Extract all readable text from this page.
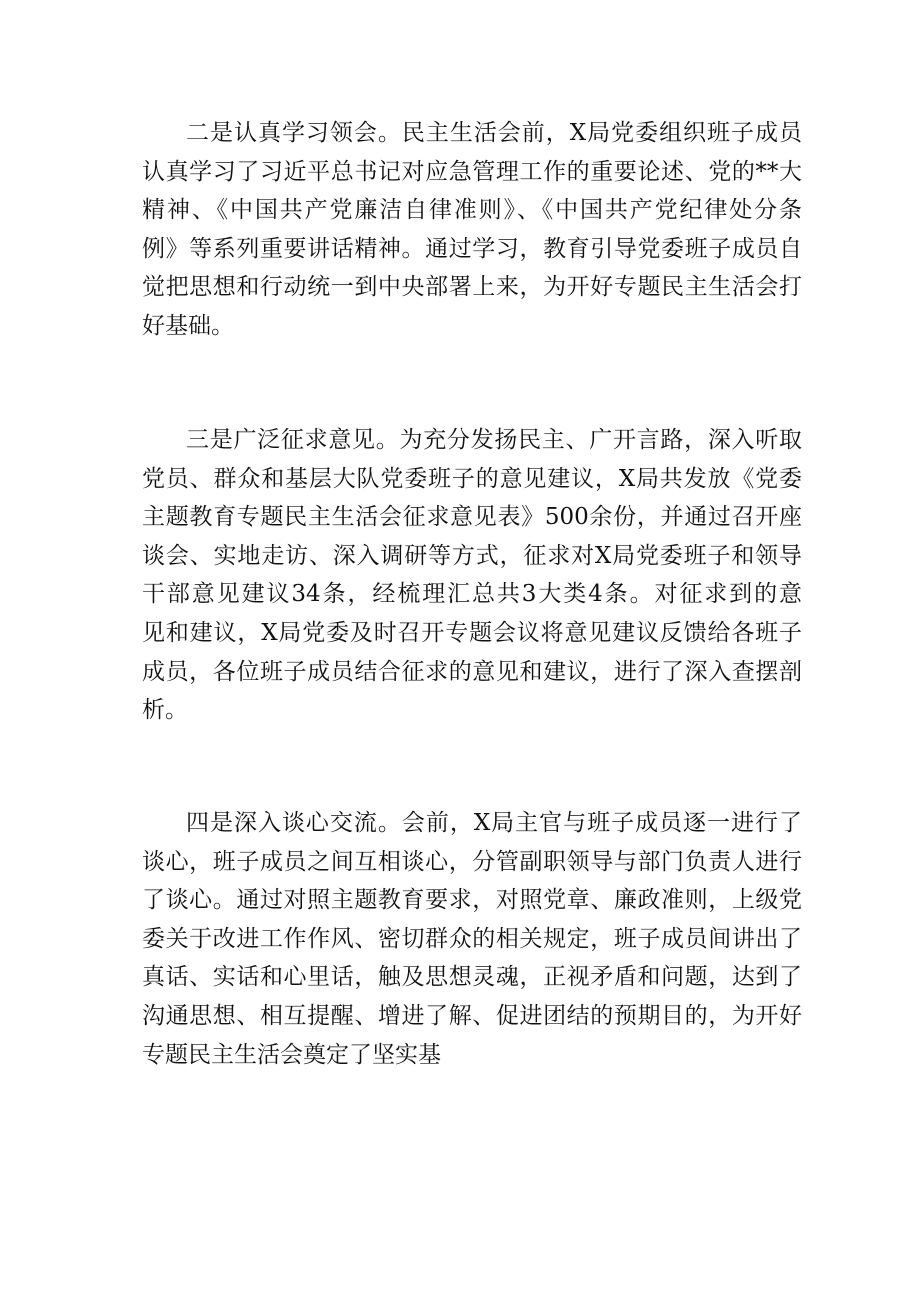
二是认真学习领会。民主生活会前，X局党委组织班子成员
认真学习了习近平总书记对应急管理工作的重要论述、党的**大
精神、《中国共产党廉洁自律准则》、《中国共产党纪律处分条
例》等系列重要讲话精神。通过学习，教育引导党委班子成员自
觉把思想和行动统一到中央部署上来，为开好专题民主生活会打
好基础。
三是广泛征求意见。为充分发扬民主、广开言路，深入听取
党员、群众和基层大队党委班子的意见建议，X局共发放《党委
主题教育专题民主生活会征求意见表》500余份，并通过召开座
谈会、实地走访、深入调研等方式，征求对X局党委班子和领导
干部意见建议34条，经梳理汇总共3大类4条。对征求到的意
见和建议，X局党委及时召开专题会议将意见建议反馈给各班子
成员，各位班子成员结合征求的意见和建议，进行了深入查摆剖
析。
四是深入谈心交流。会前，X局主官与班子成员逐一进行了
谈心，班子成员之间互相谈心，分管副职领导与部门负责人进行
了谈心。通过对照主题教育要求，对照党章、廉政准则，上级党
委关于改进工作作风、密切群众的相关规定，班子成员间讲出了
真话、实话和心里话，触及思想灵魂，正视矛盾和问题，达到了
沟通思想、相互提醒、增进了解、促进团结的预期目的，为开好
专题民主生活会奠定了坚实基
